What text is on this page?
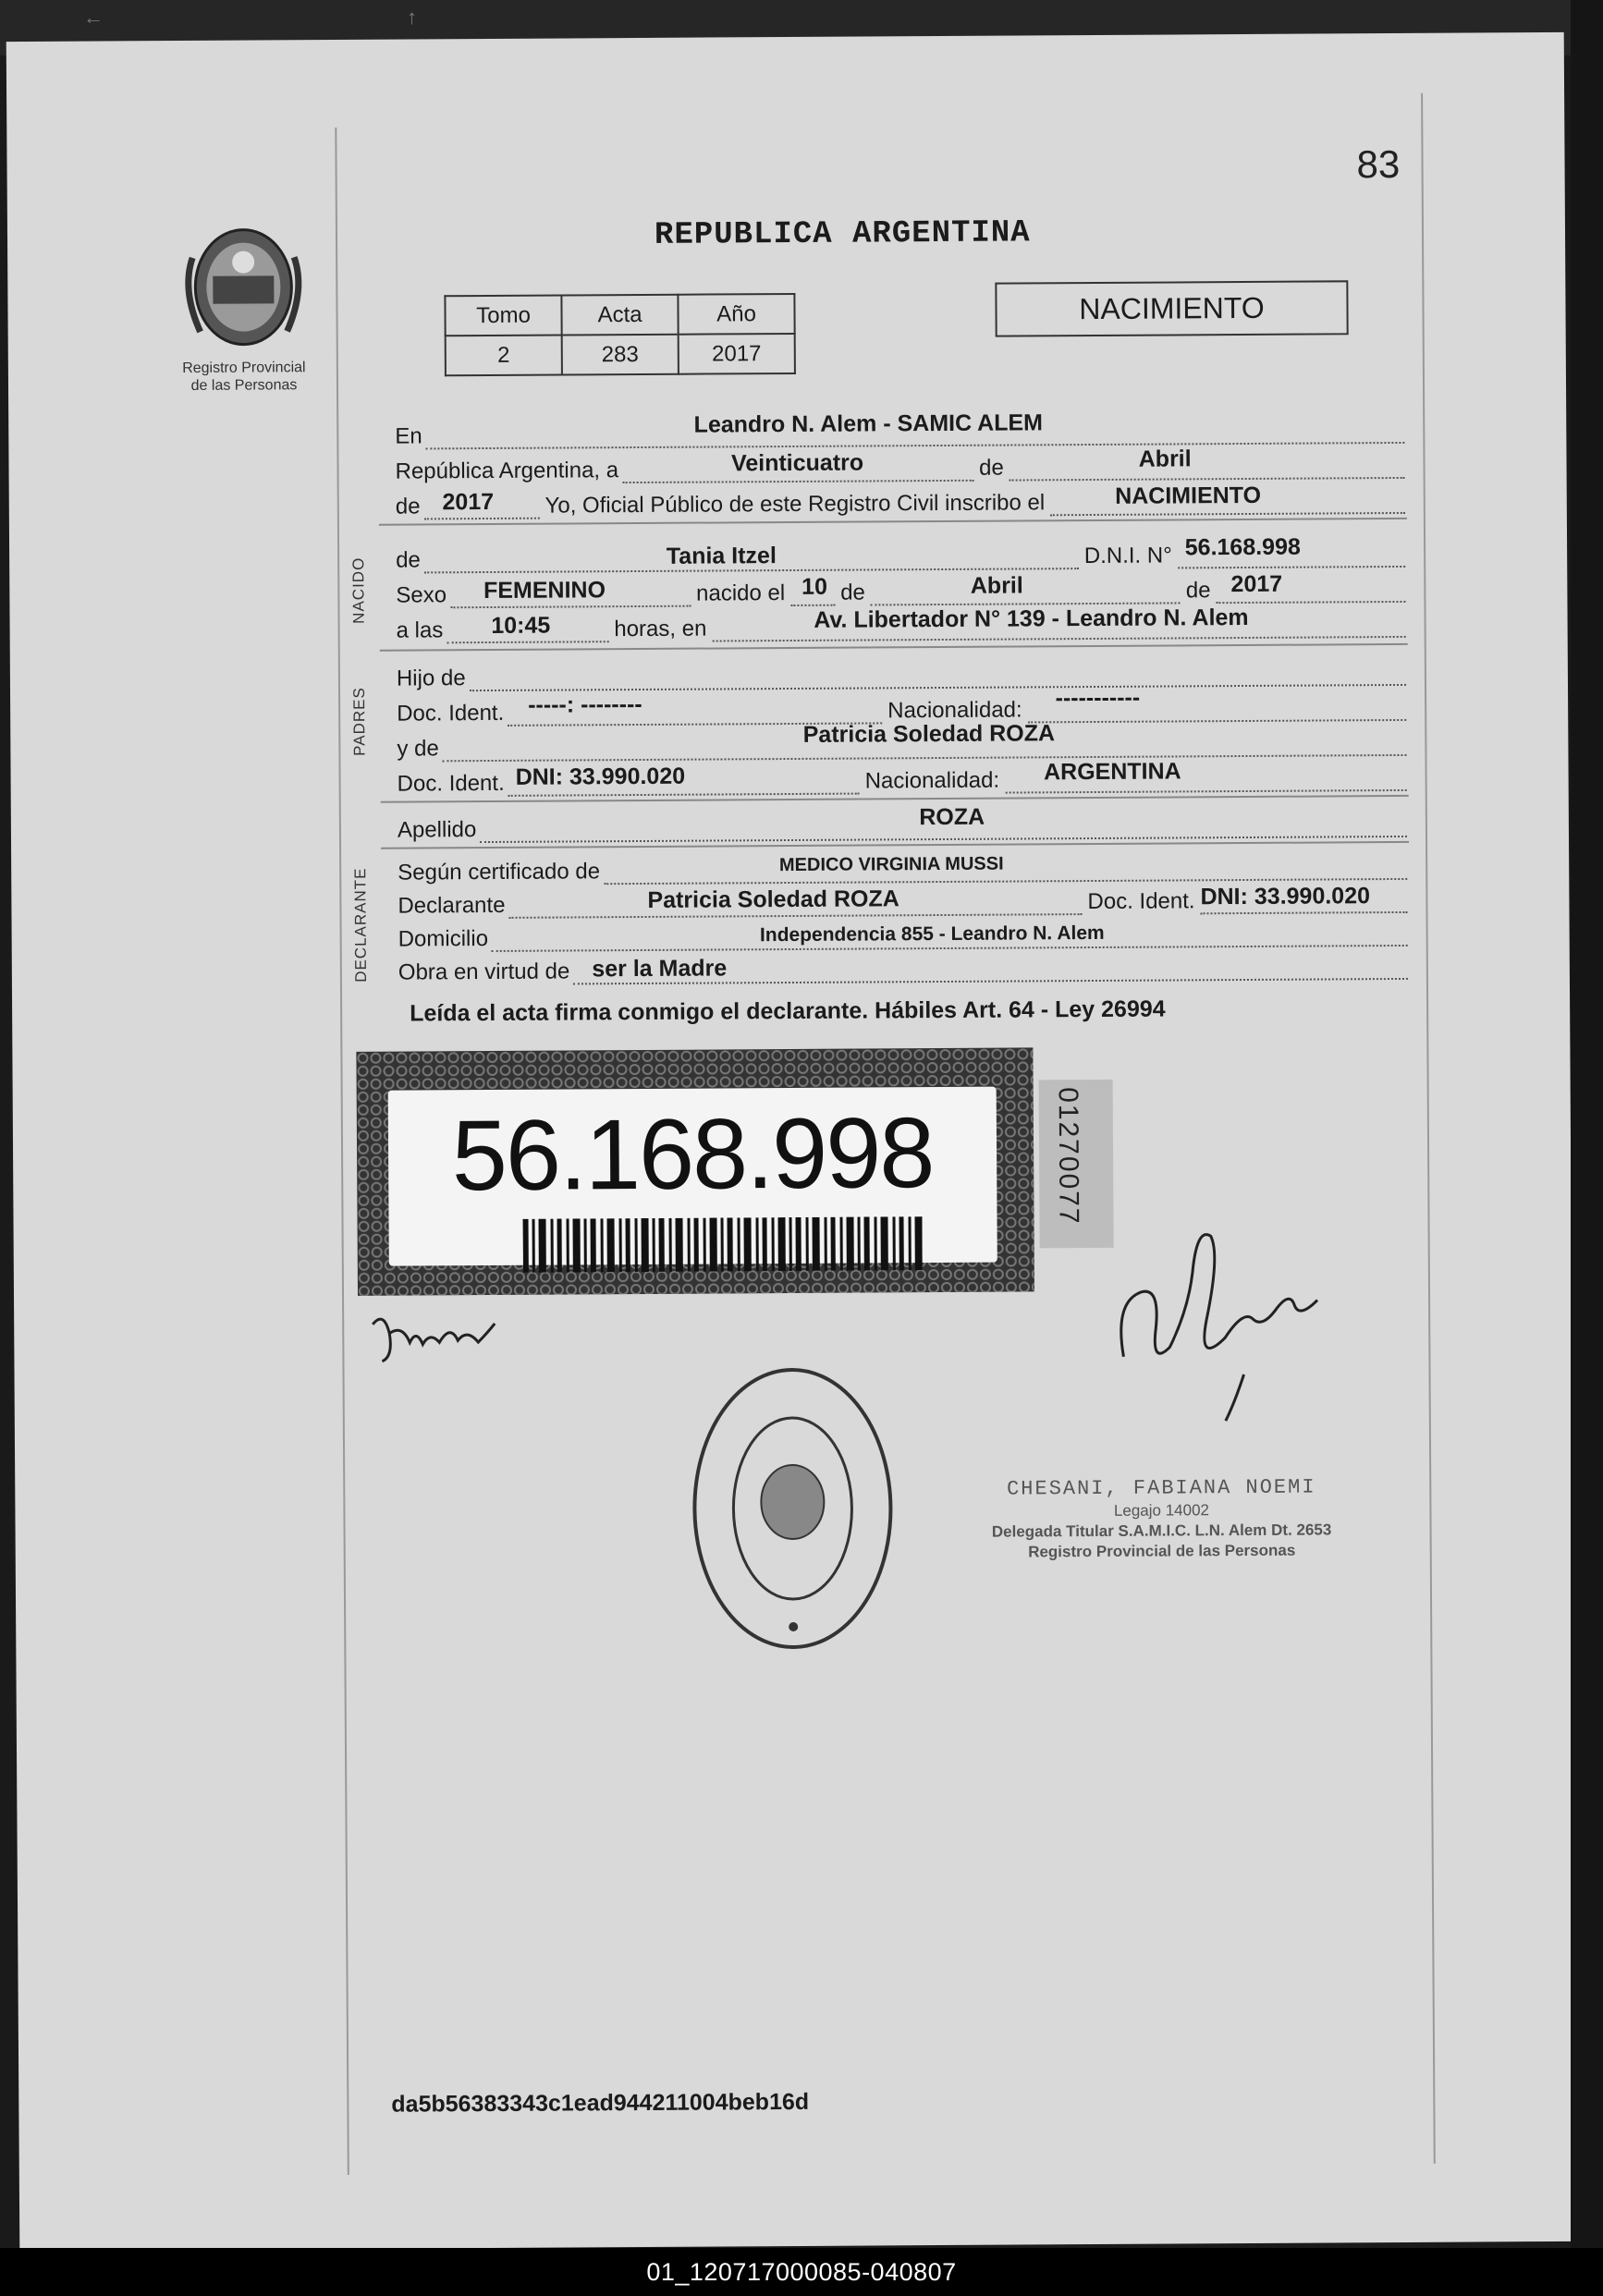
←	↑
83
Registro Provincial
de las Personas
REPUBLICA ARGENTINA
Tomo	Acta	Año
2	283	2017
NACIMIENTO
En	Leandro N. Alem - SAMIC ALEM
República Argentina, a	Veinticuatro	de	Abril
de 2017 Yo, Oficial Público de este Registro Civil inscribo el	NACIMIENTO
NACIDO de	Tania Itzel	D.N.I. N° 56.168.998
Sexo FEMENINO	nacido el 10 de	Abril	de 2017
a las 10:45	horas, en	Av. Libertador N° 139 - Leandro N. Alem
PADRES
Hijo de
Doc. Ident. -----: --------	Nacionalidad: -----------
y de
Patricia Soledad ROZA
Doc. Ident. DNI: 33.990.020	Nacionalidad: ARGENTINA
Apellido	ROZA
DECLARANTE Según certificado de	MEDICO VIRGINIA MUSSI
Declarante	Patricia Soledad ROZA	Doc. Ident. DNI: 33.990.020
Domicilio	Independencia 855 - Leandro N. Alem
Obra en virtud de ser la Madre
Leída el acta firma conmigo el declarante. Hábiles Art. 64 - Ley 26994
56.168.998	01270077
CHESANI, FABIANA NOEMI
Legajo 14002
Delegada Titular S.A.M.I.C. L.N. Alem Dt. 2653
Registro Provincial de las Personas
da5b56383343c1ead944211004beb16d
01_120717000085-040807
